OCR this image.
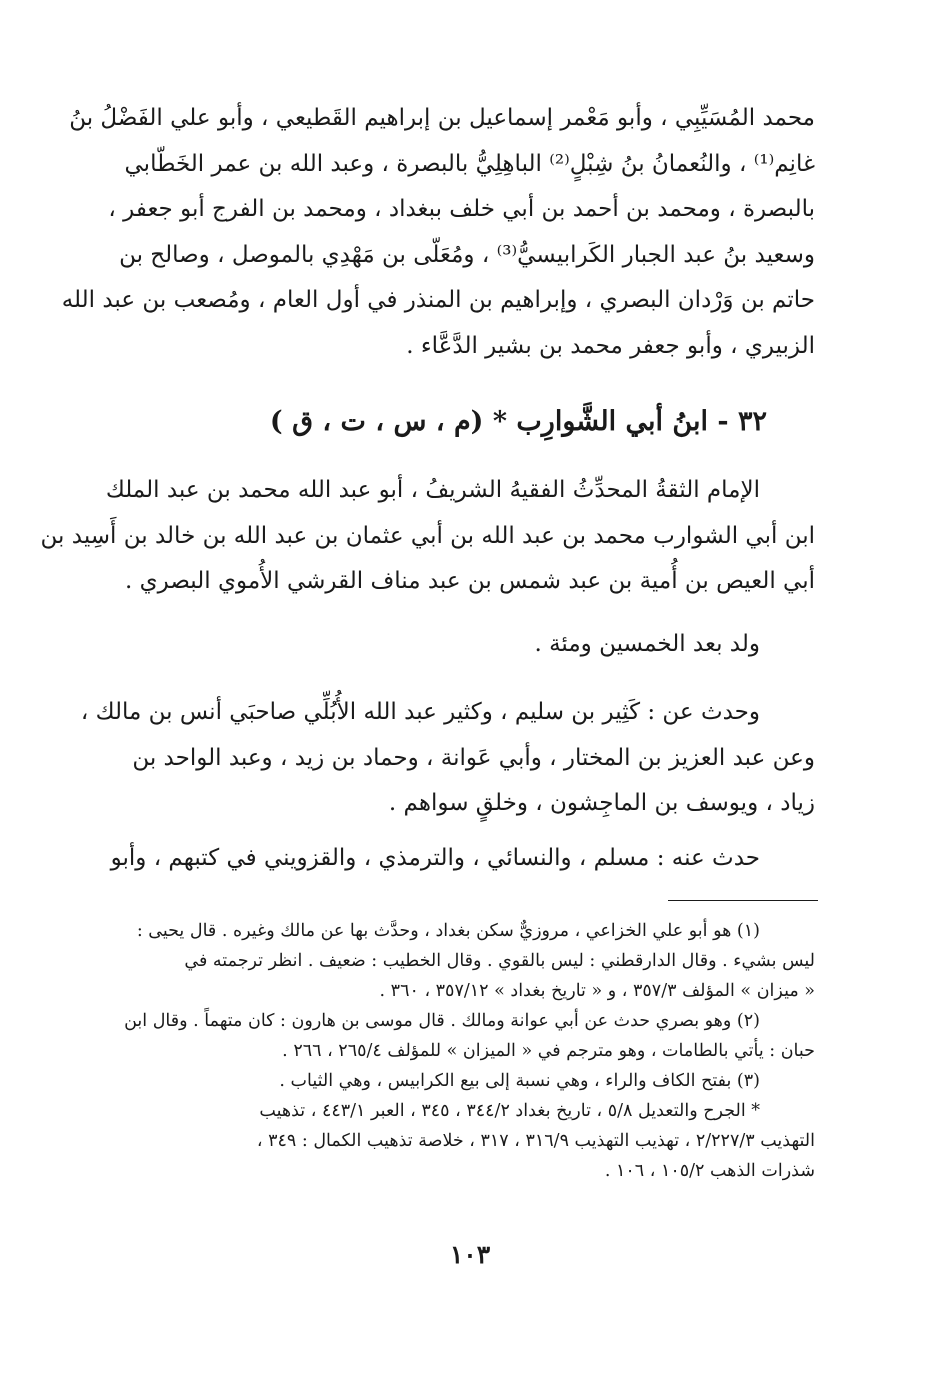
محمد المُسَيِّبِي ، وأبو مَعْمر إسماعيل بن إبراهيم القَطيعي ، وأبو علي الفَضْلُ بنُ
غانِم⁽¹⁾ ، والنُعمانُ بنُ شِبْلٍ⁽²⁾ الباهِلِيُّ بالبصرة ، وعبد الله بن عمر الخَطّابي
بالبصرة ، ومحمد بن أحمد بن أبي خلف ببغداد ، ومحمد بن الفرج أبو جعفر ،
وسعيد بنُ عبد الجبار الكَرابيسيُّ⁽³⁾ ، ومُعَلّى بن مَهْدِي بالموصل ، وصالح بن
حاتم بن وَرْدان البصري ، وإبراهيم بن المنذر في أول العام ، ومُصعب بن عبد الله
الزبيري ، وأبو جعفر محمد بن بشير الدَّعَّاء .
٣٢ - ابنُ أبي الشَّوارِب * (م ، س ، ت ، ق )
الإمام الثقةُ المحدِّثُ الفقيهُ الشريفُ ، أبو عبد الله محمد بن عبد الملك
ابن أبي الشوارب محمد بن عبد الله بن أبي عثمان بن عبد الله بن خالد بن أَسِيد بن
أبي العيص بن أُمية بن عبد شمس بن عبد مناف القرشي الأُموي البصري .
ولد بعد الخمسين ومئة .
وحدث عن : كَثِير بن سليم ، وكثير عبد الله الأُبُلِّي صاحبَي أنس بن مالك ،
وعن عبد العزيز بن المختار ، وأبي عَوانة ، وحماد بن زيد ، وعبد الواحد بن
زياد ، ويوسف بن الماجِشون ، وخلقٍ سواهم .
حدث عنه : مسلم ، والنسائي ، والترمذي ، والقزويني في كتبهم ، وأبو
(١) هو أبو علي الخزاعي ، مروزيٌّ سكن بغداد ، وحدَّث بها عن مالك وغيره . قال يحيى :
ليس بشيء . وقال الدارقطني : ليس بالقوي . وقال الخطيب : ضعيف . انظر ترجمته في
« ميزان » المؤلف ٣٥٧/٣ ، و « تاريخ بغداد » ٣٥٧/١٢ ، ٣٦٠ .
(٢) وهو بصري حدث عن أبي عوانة ومالك . قال موسى بن هارون : كان متهماً . وقال ابن
حبان : يأتي بالطامات ، وهو مترجم في « الميزان » للمؤلف ٢٦٥/٤ ، ٢٦٦ .
(٣) بفتح الكاف والراء ، وهي نسبة إلى بيع الكرابيس ، وهي الثياب .
* الجرح والتعديل ٥/٨ ، تاريخ بغداد ٣٤٤/٢ ، ٣٤٥ ، العبر ٤٤٣/١ ، تذهيب
التهذيب ٢/٢٢٧/٣ ، تهذيب التهذيب ٣١٦/٩ ، ٣١٧ ، خلاصة تذهيب الكمال : ٣٤٩ ،
شذرات الذهب ١٠٥/٢ ، ١٠٦ .
١٠٣
